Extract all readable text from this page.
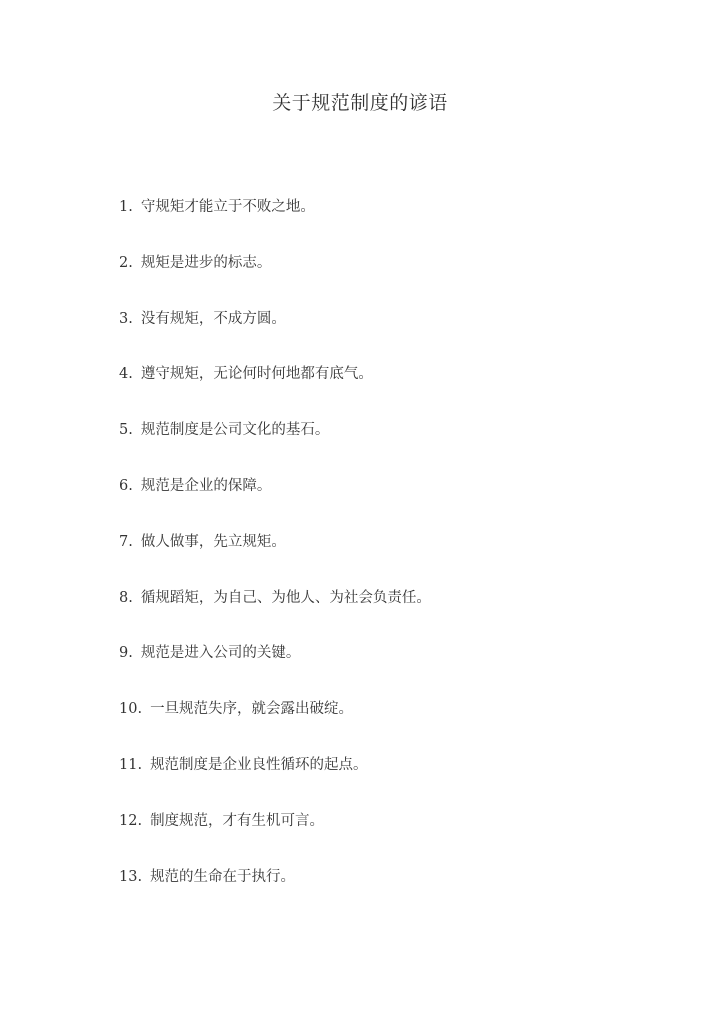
关于规范制度的谚语
1. 守规矩才能立于不败之地。
2. 规矩是进步的标志。
3. 没有规矩，不成方圆。
4. 遵守规矩，无论何时何地都有底气。
5. 规范制度是公司文化的基石。
6. 规范是企业的保障。
7. 做人做事，先立规矩。
8. 循规蹈矩，为自己、为他人、为社会负责任。
9. 规范是进入公司的关键。
10. 一旦规范失序，就会露出破绽。
11. 规范制度是企业良性循环的起点。
12. 制度规范，才有生机可言。
13. 规范的生命在于执行。
